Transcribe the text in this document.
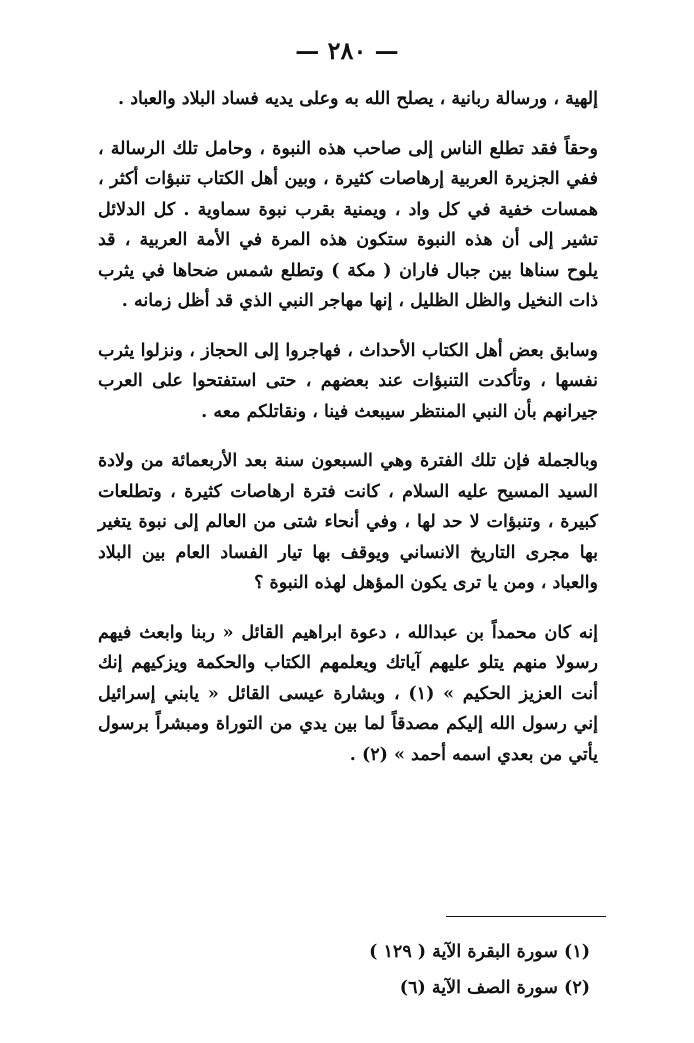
— ٢٨٠ —

إلهية ، ورسالة ربانية ، يصلح الله به وعلى يديه فساد البلاد والعباد .

وحقاً فقد تطلع الناس إلى صاحب هذه النبوة ، وحامل تلك الرسالة ، ففي الجزيرة العربية إرهاصات كثيرة ، وبين أهل الكتاب تنبؤات أكثر ، همسات خفية في كل واد ، ويمنية بقرب نبوة سماوية . كل الدلائل تشير إلى أن هذه النبوة ستكون هذه المرة في الأمة العربية ، قد يلوح سناها بين جبال فاران ( مكة ) وتطلع شمس ضحاها في يثرب ذات النخيل والظل الظليل ، إنها مهاجر النبي الذي قد أظل زمانه .

وسابق بعض أهل الكتاب الأحداث ، فهاجروا إلى الحجاز ، ونزلوا يثرب نفسها ، وتأكدت التنبؤات عند بعضهم ، حتى استفتحوا على العرب جيرانهم بأن النبي المنتظر سيبعث فينا ، ونقاتلكم معه .

وبالجملة فإن تلك الفترة وهي السبعون سنة بعد الأربعمائة من ولادة السيد المسيح عليه السلام ، كانت فترة ارهاصات كثيرة ، وتطلعات كبيرة ، وتنبؤات لا حد لها ، وفي أنحاء شتى من العالم إلى نبوة يتغير بها مجرى التاريخ الانساني ويوقف بها تيار الفساد العام بين البلاد والعباد ، ومن يا ترى يكون المؤهل لهذه النبوة ؟

إنه كان محمداً بن عبدالله ، دعوة ابراهيم القائل « ربنا وابعث فيهم رسولا منهم يتلو عليهم آياتك ويعلمهم الكتاب والحكمة ويزكيهم إنك أنت العزيز الحكيم » (١) ، وبشارة عيسى القائل « يابني إسرائيل إني رسول الله إليكم مصدقاً لما بين يدي من التوراة ومبشراً برسول يأتي من بعدي اسمه أحمد » (٢) .

(١) سورة البقرة الآية ( ١٢٩ )

(٢) سورة الصف الآية (٦)
